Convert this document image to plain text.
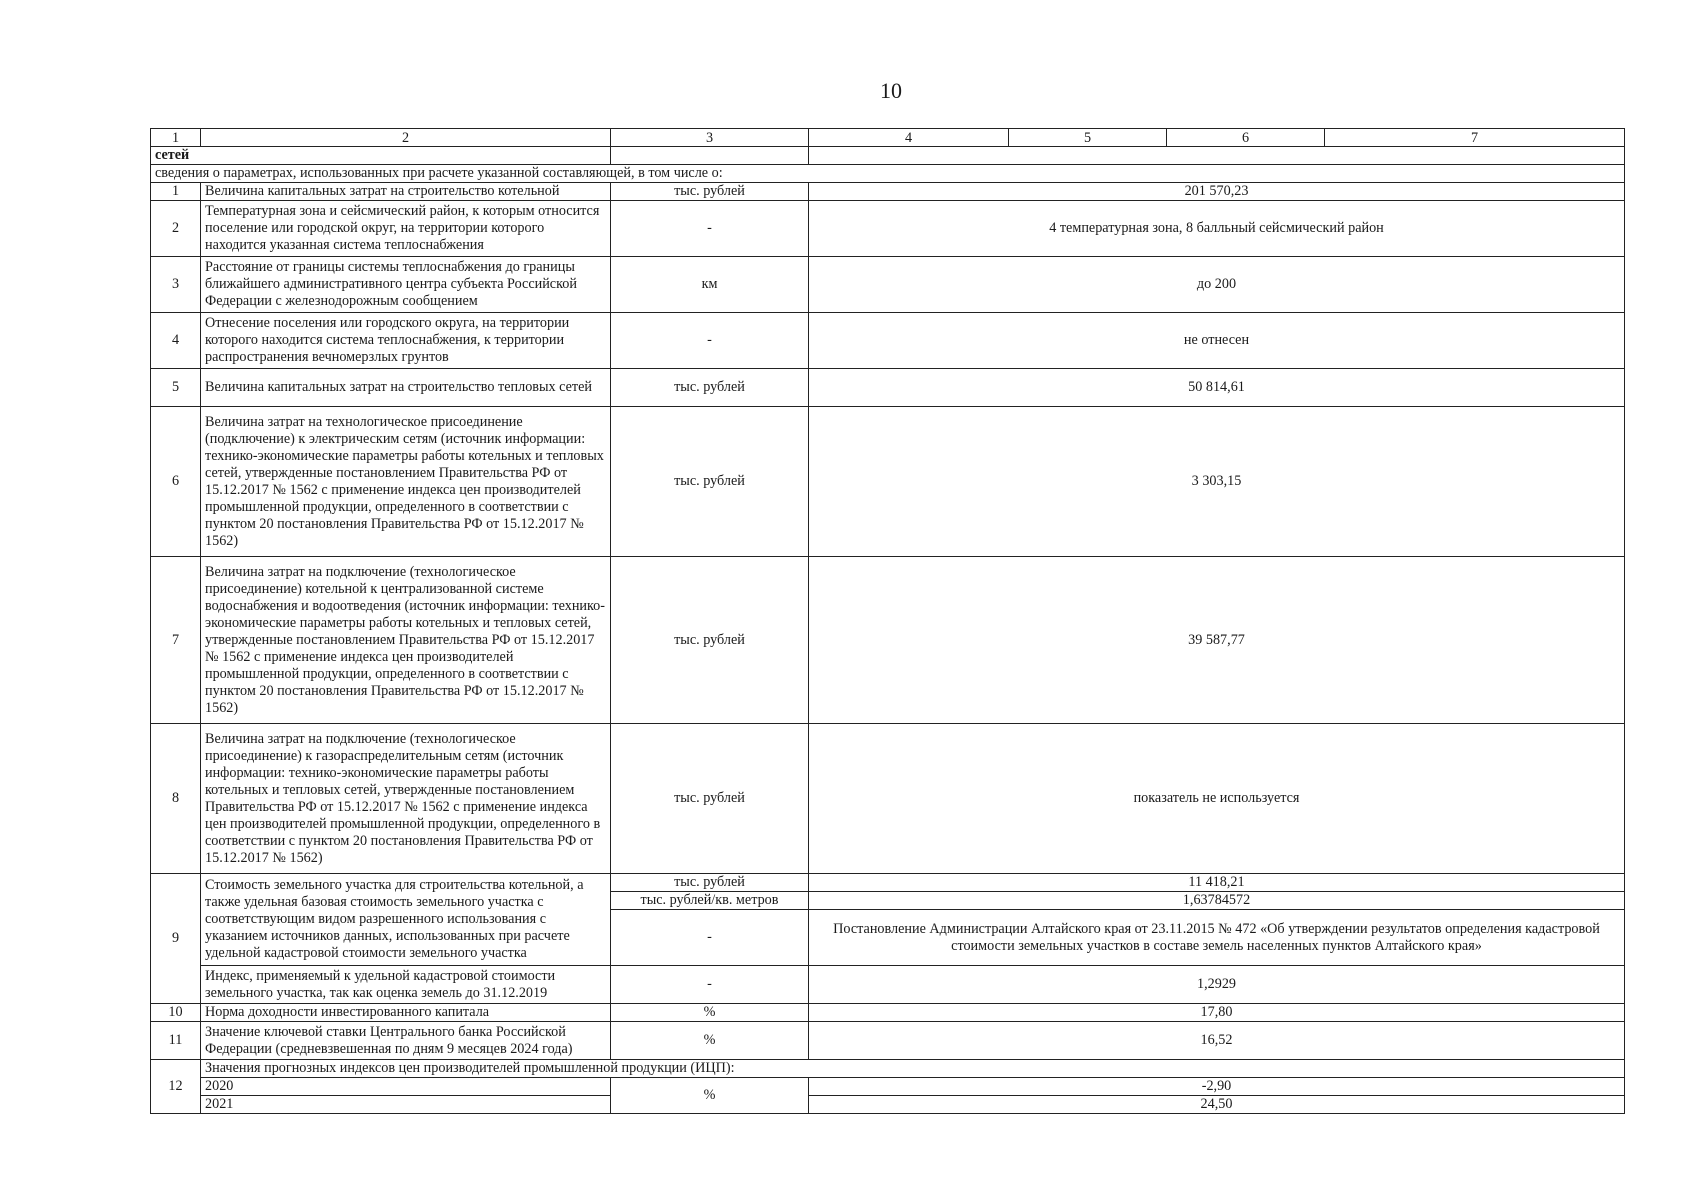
10
1	2	3	4	5	6	7
сетей						
сведения о параметрах, использованных при расчете указанной составляющей, в том числе о:						
1	Величина капитальных затрат на строительство котельной	тыс. рублей	201 570,23			
2	Температурная зона и сейсмический район, к которым относится поселение или городской округ, на территории которого находится указанная система теплоснабжения	-	4 температурная зона, 8 балльный сейсмический район			
3	Расстояние от границы системы теплоснабжения до границы ближайшего административного центра субъекта Российской Федерации с железнодорожным сообщением	км	до 200			
4	Отнесение поселения или городского округа, на территории которого находится система теплоснабжения, к территории распространения вечномерзлых грунтов	-	не отнесен			
5	Величина капитальных затрат на строительство тепловых сетей	тыс. рублей	50 814,61			
6	Величина затрат на технологическое присоединение (подключение) к электрическим сетям (источник информации: технико-экономические параметры работы котельных и тепловых сетей, утвержденные постановлением Правительства РФ от 15.12.2017 № 1562 с применение индекса цен производителей промышленной продукции, определенного в соответствии с пунктом 20 постановления Правительства РФ от 15.12.2017 № 1562)	тыс. рублей	3 303,15			
7	Величина затрат на подключение (технологическое присоединение) котельной к централизованной системе водоснабжения и водоотведения (источник информации: технико-экономические параметры работы котельных и тепловых сетей, утвержденные постановлением Правительства РФ от 15.12.2017 № 1562 с применение индекса цен производителей промышленной продукции, определенного в соответствии с пунктом 20 постановления Правительства РФ от 15.12.2017 № 1562)	тыс. рублей	39 587,77			
8	Величина затрат на подключение (технологическое присоединение) к газораспределительным сетям (источник информации: технико-экономические параметры работы котельных и тепловых сетей, утвержденные постановлением Правительства РФ от 15.12.2017 № 1562 с применение индекса цен производителей промышленной продукции, определенного в соответствии с пунктом 20 постановления Правительства РФ от 15.12.2017 № 1562)	тыс. рублей	показатель не используется			
9	Стоимость земельного участка для строительства котельной, а также удельная базовая стоимость земельного участка с соответствующим видом разрешенного использования с указанием источников данных, использованных при расчете удельной кадастровой стоимости земельного участка	тыс. рублей	11 418,21			
		тыс. рублей/кв. метров	1,63784572			
		-	Постановление Администрации Алтайского края от 23.11.2015 № 472 «Об утверждении результатов определения кадастровой стоимости земельных участков в составе земель населенных пунктов Алтайского края»			
	Индекс, применяемый к удельной кадастровой стоимости земельного участка, так как оценка земель до 31.12.2019	-	1,2929			
10	Норма доходности инвестированного капитала	%	17,80			
11	Значение ключевой ставки Центрального банка Российской Федерации (средневзвешенная по дням 9 месяцев 2024 года)	%	16,52			
12	Значения прогнозных индексов цен производителей промышленной продукции (ИЦП):					
	2020	%	-2,90			
	2021		24,50			
